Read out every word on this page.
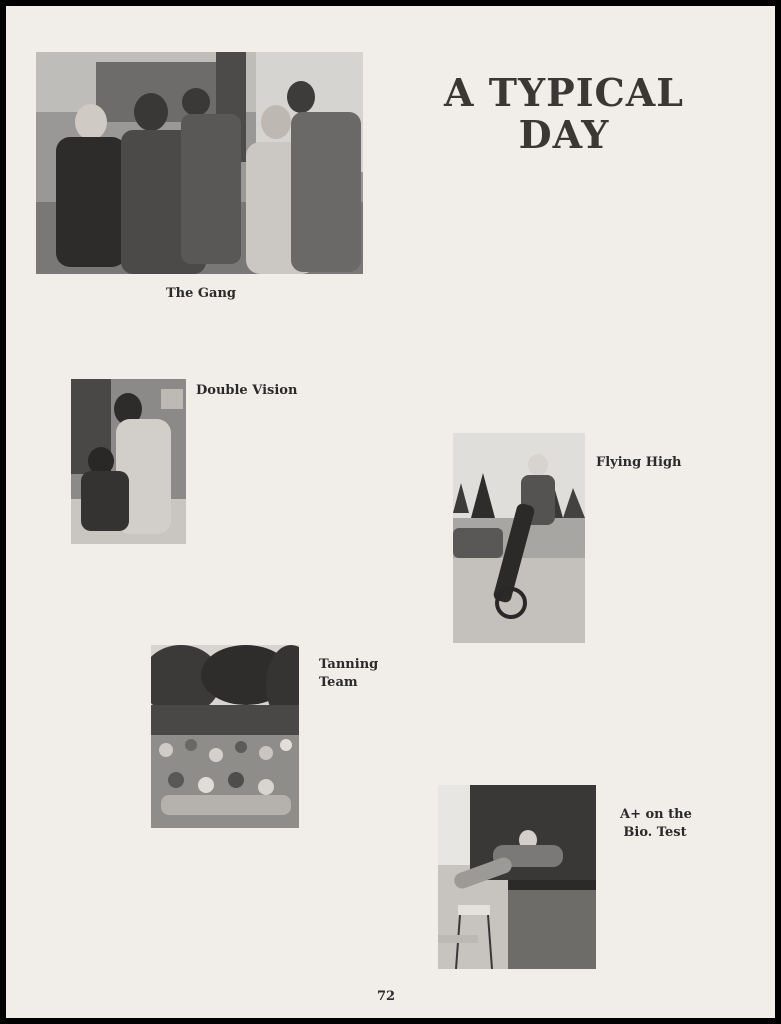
A TYPICAL
DAY
The Gang
Double Vision
Flying High
Tanning
Team
A+ on the
Bio. Test
72
